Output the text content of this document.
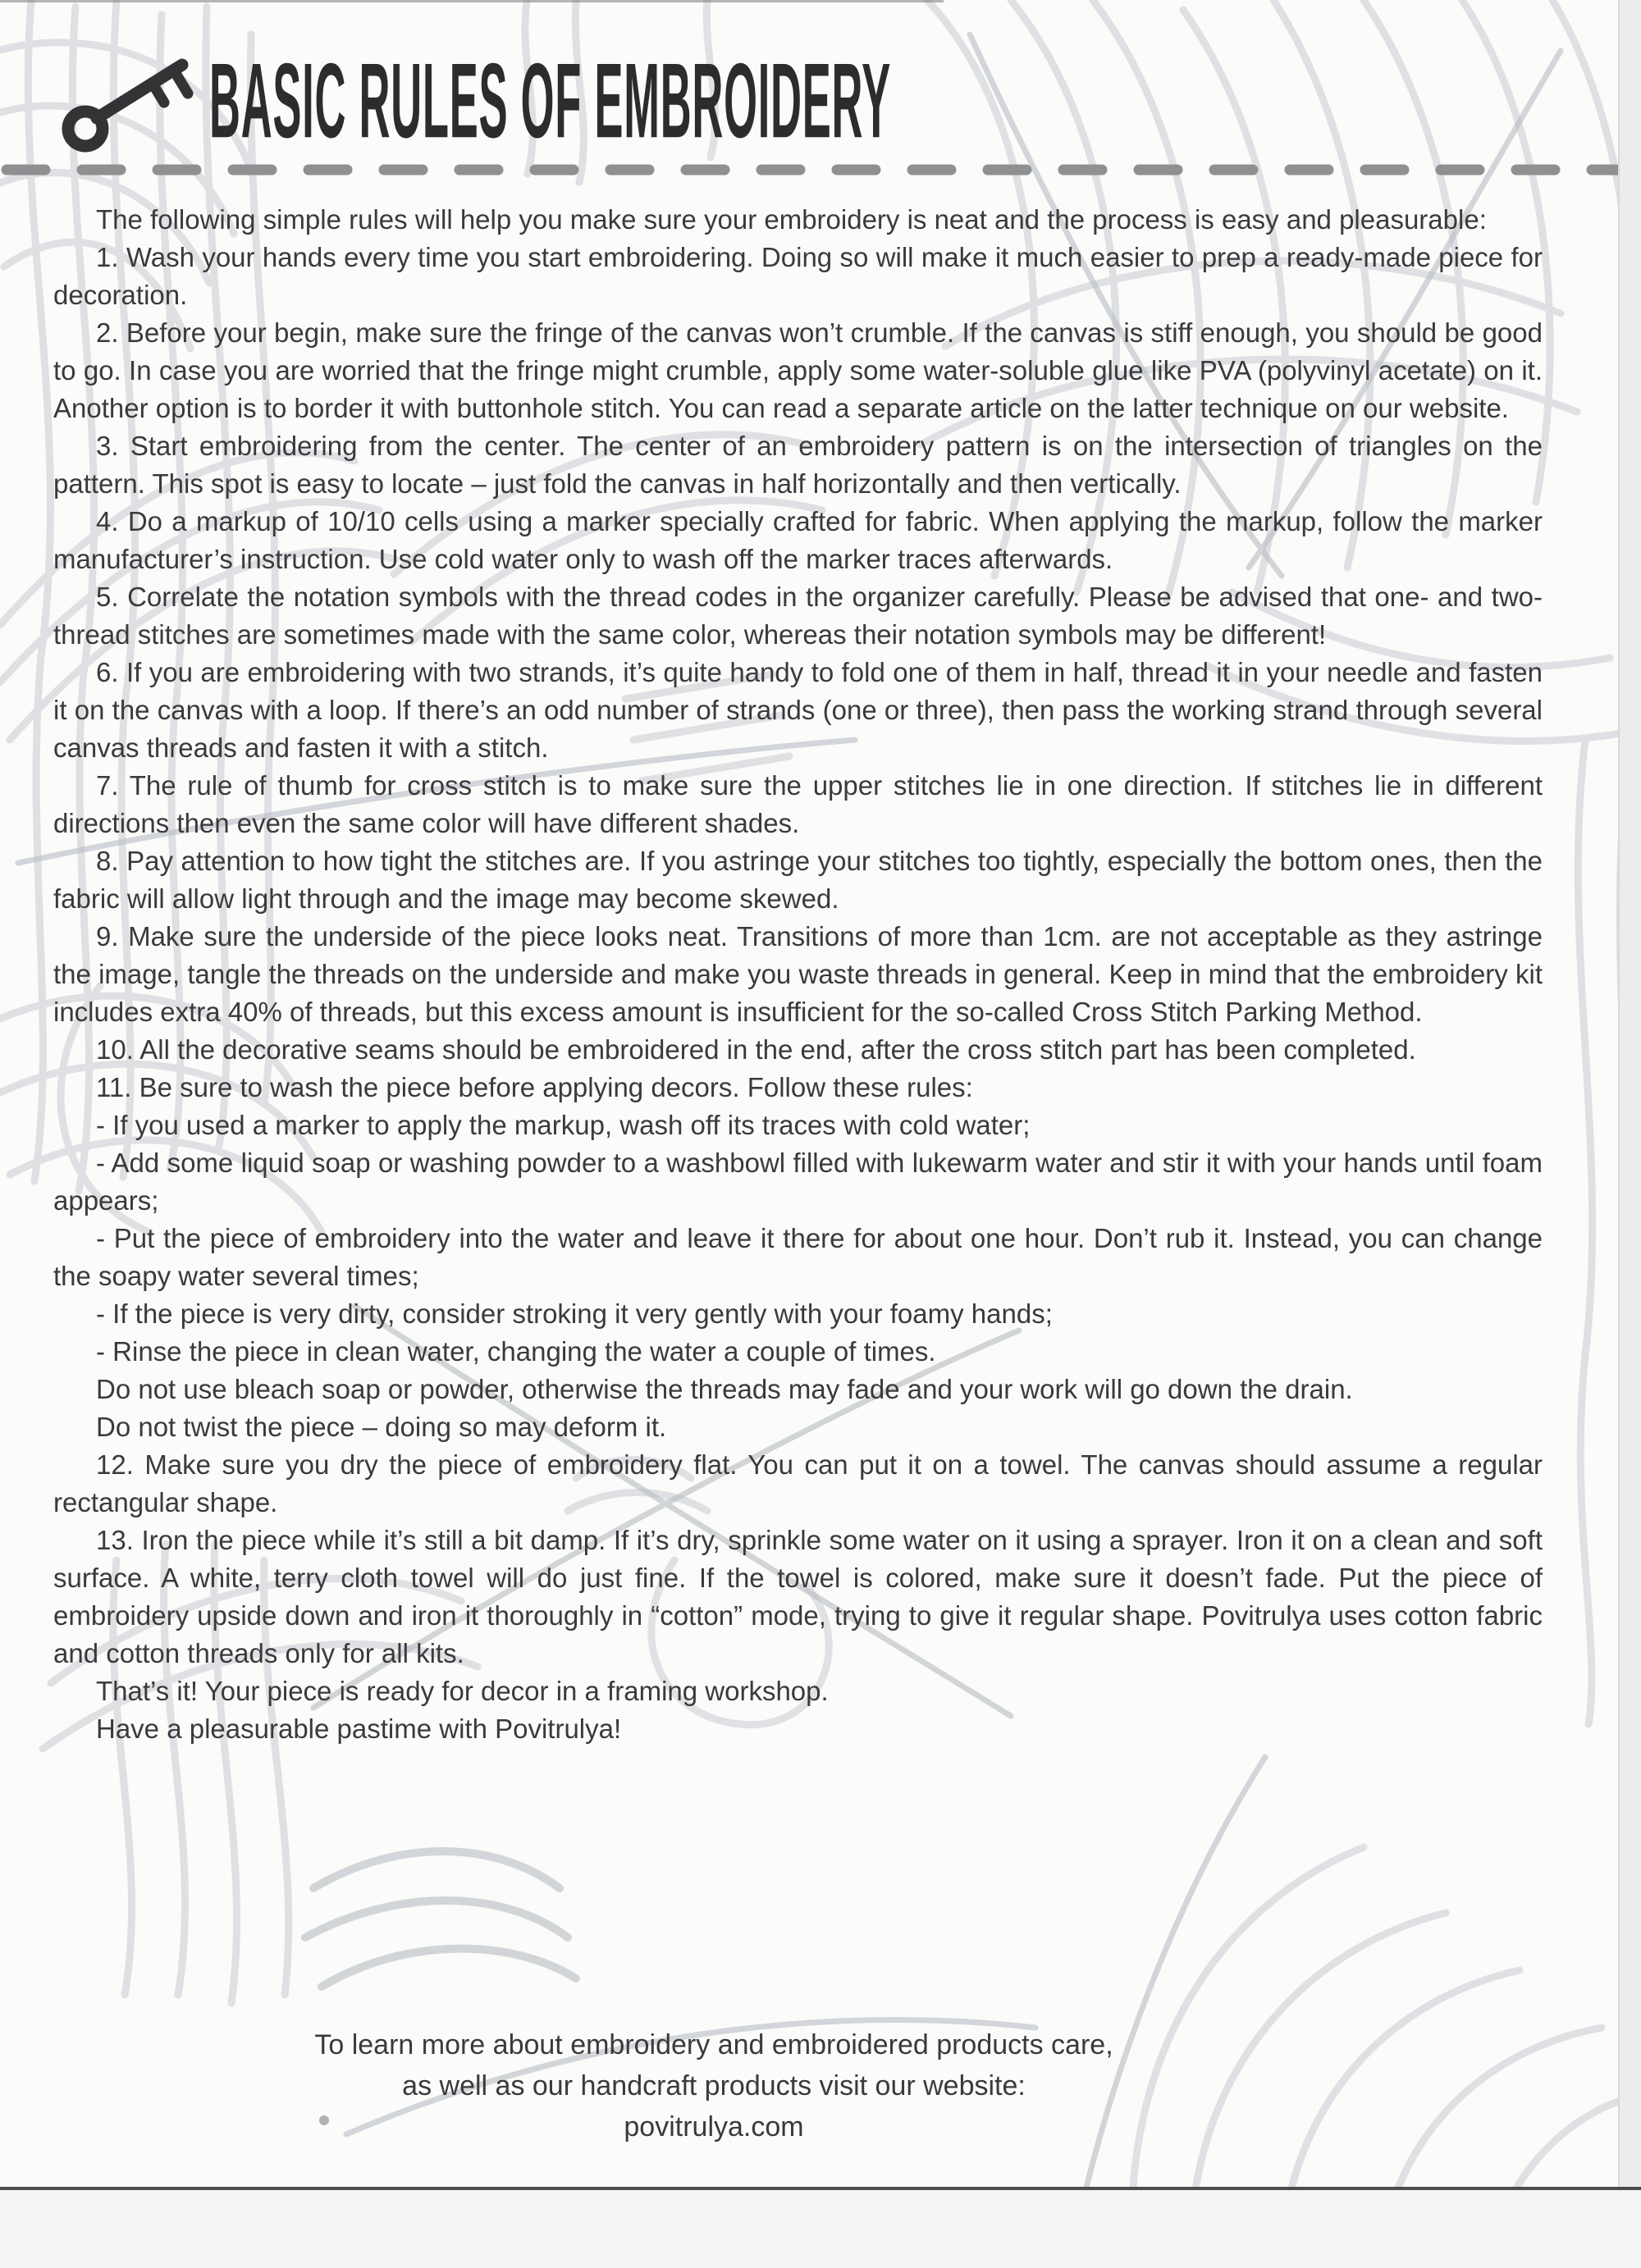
BASIC RULES OF EMBROIDERY

The following simple rules will help you make sure your embroidery is neat and the process is easy and pleasurable:

1. Wash your hands every time you start embroidering. Doing so will make it much easier to prep a ready-made piece for decoration.

2. Before your begin, make sure the fringe of the canvas won’t crumble. If the canvas is stiff enough, you should be good to go. In case you are worried that the fringe might crumble, apply some water-soluble glue like PVA (polyvinyl acetate) on it. Another option is to border it with buttonhole stitch. You can read a separate article on the latter technique on our website.

3. Start embroidering from the center. The center of an embroidery pattern is on the intersection of triangles on the pattern. This spot is easy to locate – just fold the canvas in half horizontally and then vertically.

4. Do a markup of 10/10 cells using a marker specially crafted for fabric. When applying the markup, follow the marker manufacturer’s instruction. Use cold water only to wash off the marker traces afterwards.

5. Correlate the notation symbols with the thread codes in the organizer carefully. Please be advised that one- and two-thread stitches are sometimes made with the same color, whereas their notation symbols may be different!

6. If you are embroidering with two strands, it’s quite handy to fold one of them in half, thread it in your needle and fasten it on the canvas with a loop. If there’s an odd number of strands (one or three), then pass the working strand through several canvas threads and fasten it with a stitch.

7. The rule of thumb for cross stitch is to make sure the upper stitches lie in one direction. If stitches lie in different directions then even the same color will have different shades.

8. Pay attention to how tight the stitches are. If you astringe your stitches too tightly, especially the bottom ones, then the fabric will allow light through and the image may become skewed.

9. Make sure the underside of the piece looks neat. Transitions of more than 1cm. are not acceptable as they astringe the image, tangle the threads on the underside and make you waste threads in general. Keep in mind that the embroidery kit includes extra 40% of threads, but this excess amount is insufficient for the so-called Cross Stitch Parking Method.

10. All the decorative seams should be embroidered in the end, after the cross stitch part has been completed.

11. Be sure to wash the piece before applying decors. Follow these rules:

- If you used a marker to apply the markup, wash off its traces with cold water;

- Add some liquid soap or washing powder to a washbowl filled with lukewarm water and stir it with your hands until foam appears;

- Put the piece of embroidery into the water and leave it there for about one hour. Don’t rub it. Instead, you can change the soapy water several times;

- If the piece is very dirty, consider stroking it very gently with your foamy hands;

- Rinse the piece in clean water, changing the water a couple of times.

Do not use bleach soap or powder, otherwise the threads may fade and your work will go down the drain.

Do not twist the piece – doing so may deform it.

12. Make sure you dry the piece of embroidery flat. You can put it on a towel. The canvas should assume a regular rectangular shape.

13. Iron the piece while it’s still a bit damp. If it’s dry, sprinkle some water on it using a sprayer. Iron it on a clean and soft surface. A white, terry cloth towel will do just fine. If the towel is colored, make sure it doesn’t fade. Put the piece of embroidery upside down and iron it thoroughly in “cotton” mode, trying to give it regular shape. Povitrulya uses cotton fabric and cotton threads only for all kits.

That’s it! Your piece is ready for decor in a framing workshop.

Have a pleasurable pastime with Povitrulya!

To learn more about embroidery and embroidered products care,
as well as our handcraft products visit our website:
povitrulya.com
